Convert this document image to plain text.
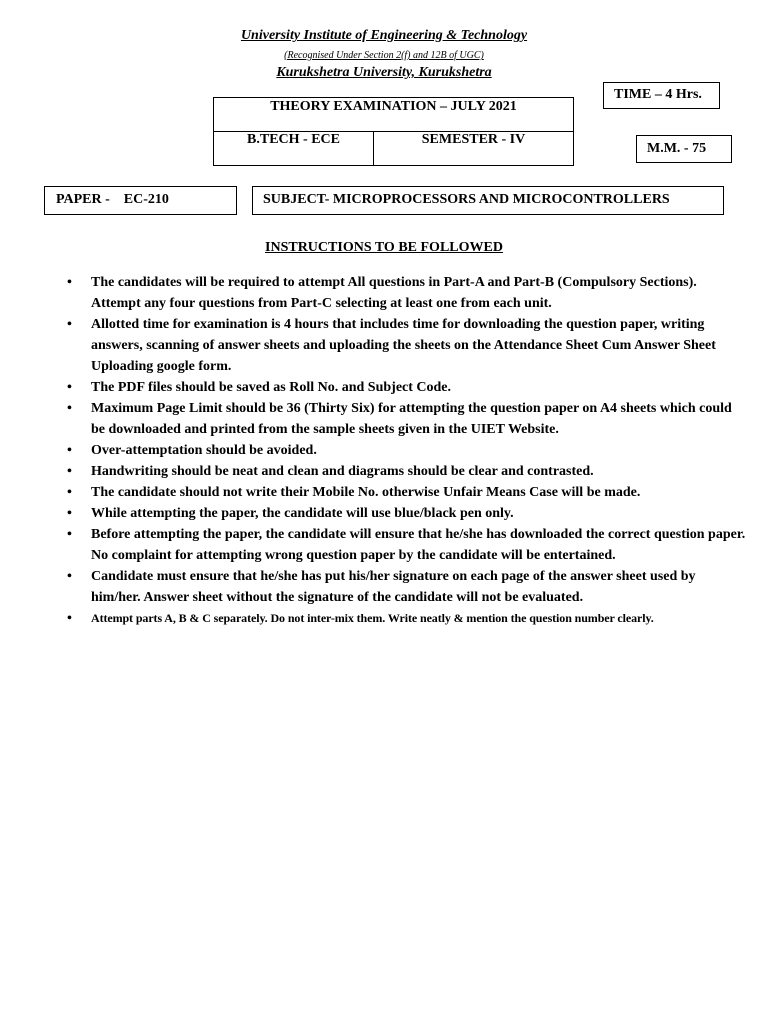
University Institute of Engineering & Technology
(Recognised Under Section 2(f) and 12B of UGC)
Kurukshetra University, Kurukshetra
THEORY EXAMINATION – JULY 2021
B.TECH - ECE	SEMESTER - IV
TIME – 4 Hrs.
M.M. - 75
PAPER -    EC-210	SUBJECT- MICROPROCESSORS AND MICROCONTROLLERS
INSTRUCTIONS TO BE FOLLOWED
• The candidates will be required to attempt All questions in Part-A and Part-B (Compulsory Sections). Attempt any four questions from Part-C selecting at least one from each unit.
• Allotted time for examination is 4 hours that includes time for downloading the question paper, writing answers, scanning of answer sheets and uploading the sheets on the Attendance Sheet Cum Answer Sheet Uploading google form.
• The PDF files should be saved as Roll No. and Subject Code.
• Maximum Page Limit should be 36 (Thirty Six) for attempting the question paper on A4 sheets which could be downloaded and printed from the sample sheets given in the UIET Website.
• Over-attemptation should be avoided.
• Handwriting should be neat and clean and diagrams should be clear and contrasted.
• The candidate should not write their Mobile No. otherwise Unfair Means Case will be made.
• While attempting the paper, the candidate will use blue/black pen only.
• Before attempting the paper, the candidate will ensure that he/she has downloaded the correct question paper. No complaint for attempting wrong question paper by the candidate will be entertained.
• Candidate must ensure that he/she has put his/her signature on each page of the answer sheet used by him/her. Answer sheet without the signature of the candidate will not be evaluated.
• Attempt parts A, B & C separately. Do not inter-mix them. Write neatly & mention the question number clearly.
